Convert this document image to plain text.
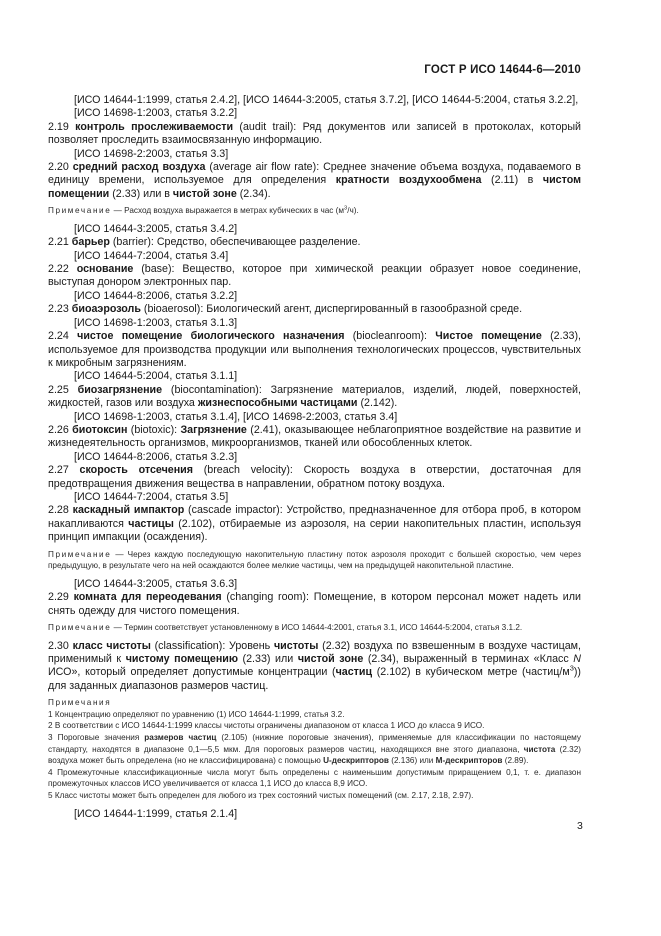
ГОСТ Р ИСО 14644-6—2010
[ИСО 14644-1:1999, статья 2.4.2], [ИСО 14644-3:2005, статья 3.7.2], [ИСО 14644-5:2004, статья 3.2.2], [ИСО 14698-1:2003, статья 3.2.2]
2.19 контроль прослеживаемости (audit trail): Ряд документов или записей в протоколах, который позволяет проследить взаимосвязанную информацию.
[ИСО 14698-2:2003, статья 3.3]
2.20 средний расход воздуха (average air flow rate): Среднее значение объема воздуха, подаваемого в единицу времени, используемое для определения кратности воздухообмена (2.11) в чистом помещении (2.33) или в чистой зоне (2.34).
Примечание — Расход воздуха выражается в метрах кубических в час $(м^3/ч)$.
[ИСО 14644-3:2005, статья 3.4.2]
2.21 барьер (barrier): Средство, обеспечивающее разделение.
[ИСО 14644-7:2004, статья 3.4]
2.22 основание (base): Вещество, которое при химической реакции образует новое соединение, выступая донором электронных пар.
[ИСО 14644-8:2006, статья 3.2.2]
2.23 биоаэрозоль (bioaerosol): Биологический агент, диспергированный в газообразной среде.
[ИСО 14698-1:2003, статья 3.1.3]
2.24 чистое помещение биологического назначения (biocleanroom): Чистое помещение (2.33), используемое для производства продукции или выполнения технологических процессов, чувствительных к микробным загрязнениям.
[ИСО 14644-5:2004, статья 3.1.1]
2.25 биозагрязнение (biocontamination): Загрязнение материалов, изделий, людей, поверхностей, жидкостей, газов или воздуха жизнеспособными частицами (2.142).
[ИСО 14698-1:2003, статья 3.1.4], [ИСО 14698-2:2003, статья 3.4]
2.26 биотоксин (biotoxic): Загрязнение (2.41), оказывающее неблагоприятное воздействие на развитие и жизнедеятельность организмов, микроорганизмов, тканей или обособленных клеток.
[ИСО 14644-8:2006, статья 3.2.3]
2.27 скорость отсечения (breach velocity): Скорость воздуха в отверстии, достаточная для предотвращения движения вещества в направлении, обратном потоку воздуха.
[ИСО 14644-7:2004, статья 3.5]
2.28 каскадный импактор (cascade impactor): Устройство, предназначенное для отбора проб, в котором накапливаются частицы (2.102), отбираемые из аэрозоля, на серии накопительных пластин, используя принцип импакции (осаждения).
Примечание — Через каждую последующую накопительную пластину поток аэрозоля проходит с большей скоростью, чем через предыдущую, в результате чего на ней осаждаются более мелкие частицы, чем на предыдущей накопительной пластине.
[ИСО 14644-3:2005, статья 3.6.3]
2.29 комната для переодевания (changing room): Помещение, в котором персонал может надеть или снять одежду для чистого помещения.
Примечание — Термин соответствует установленному в ИСО 14644-4:2001, статья 3.1, ИСО 14644-5:2004, статья 3.1.2.
2.30 класс чистоты (classification): Уровень чистоты (2.32) воздуха по взвешенным в воздухе частицам, применимый к чистому помещению (2.33) или чистой зоне (2.34), выраженный в терминах «Класс N ИСО», который определяет допустимые концентрации (частиц (2.102) в кубическом метре $(частиц/м^3)$) для заданных диапазонов размеров частиц.
Примечания
1 Концентрацию определяют по уравнению (1) ИСО 14644-1:1999, статья 3.2.
2 В соответствии с ИСО 14644-1:1999 классы чистоты ограничены диапазоном от класса 1 ИСО до класса 9 ИСО.
3 Пороговые значения размеров частиц (2.105) (нижние пороговые значения), применяемые для классификации по настоящему стандарту, находятся в диапазоне 0,1—5,5 мкм. Для пороговых размеров частиц, находящихся вне этого диапазона, чистота (2.32) воздуха может быть определена (но не классифицирована) с помощью U-дескрипторов (2.136) или М-дескрипторов (2.89).
4 Промежуточные классификационные числа могут быть определены с наименьшим допустимым приращением 0,1, т. е. диапазон промежуточных классов ИСО увеличивается от класса 1,1 ИСО до класса 8,9 ИСО.
5 Класс чистоты может быть определен для любого из трех состояний чистых помещений (см. 2.17, 2.18, 2.97).
[ИСО 14644-1:1999, статья 2.1.4]
3
